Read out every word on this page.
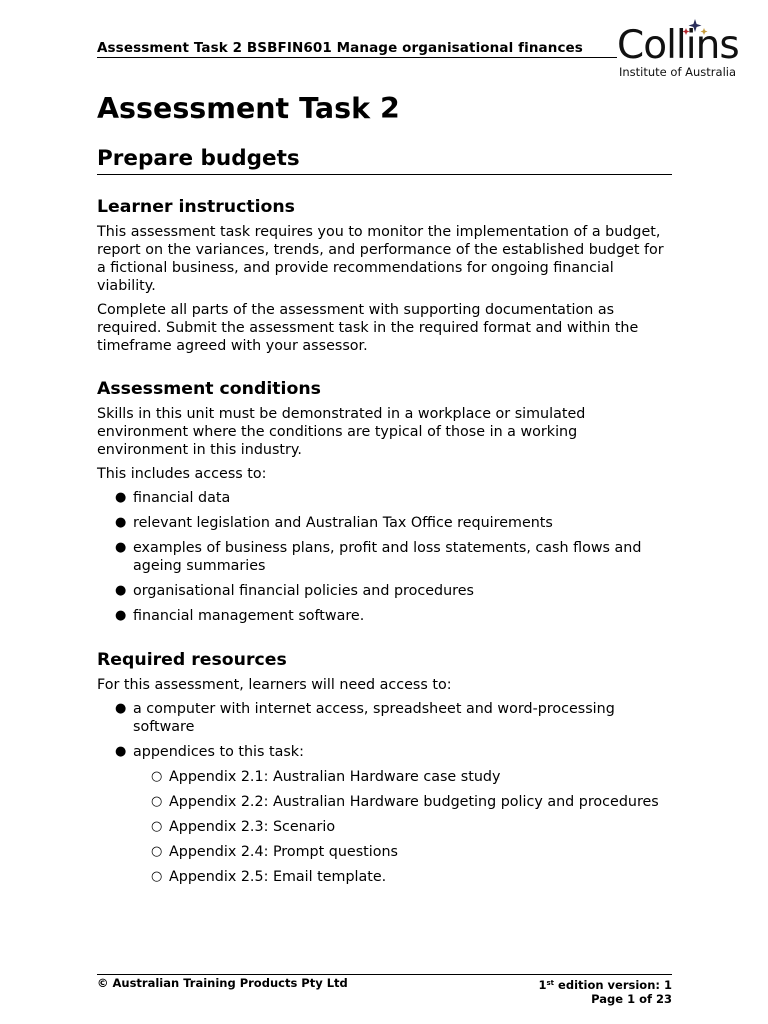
Assessment Task 2 BSBFIN601 Manage organisational finances Collins
Institute of Australia
Assessment Task 2
Prepare budgets
Learner instructions

This assessment task requires you to monitor the implementation of a budget, report on the variances, trends, and performance of the established budget for a fictional business, and provide recommendations for ongoing financial viability.

Complete all parts of the assessment with supporting documentation as required. Submit the assessment task in the required format and within the timeframe agreed with your assessor.

Assessment conditions

Skills in this unit must be demonstrated in a workplace or simulated environment where the conditions are typical of those in a working environment in this industry.

This includes access to:

● financial data
● relevant legislation and Australian Tax Office requirements
● examples of business plans, profit and loss statements, cash flows and ageing summaries
● organisational financial policies and procedures
● financial management software.
Required resources

For this assessment, learners will need access to:

● a computer with internet access, spreadsheet and word-processing software
● appendices to this task:
○ Appendix 2.1: Australian Hardware case study
○ Appendix 2.2: Australian Hardware budgeting policy and procedures
○ Appendix 2.3: Scenario
○ Appendix 2.4: Prompt questions
○ Appendix 2.5: Email template.
© Australian Training Products Pty Ltd	1st edition version: 1
Page 1 of 23
